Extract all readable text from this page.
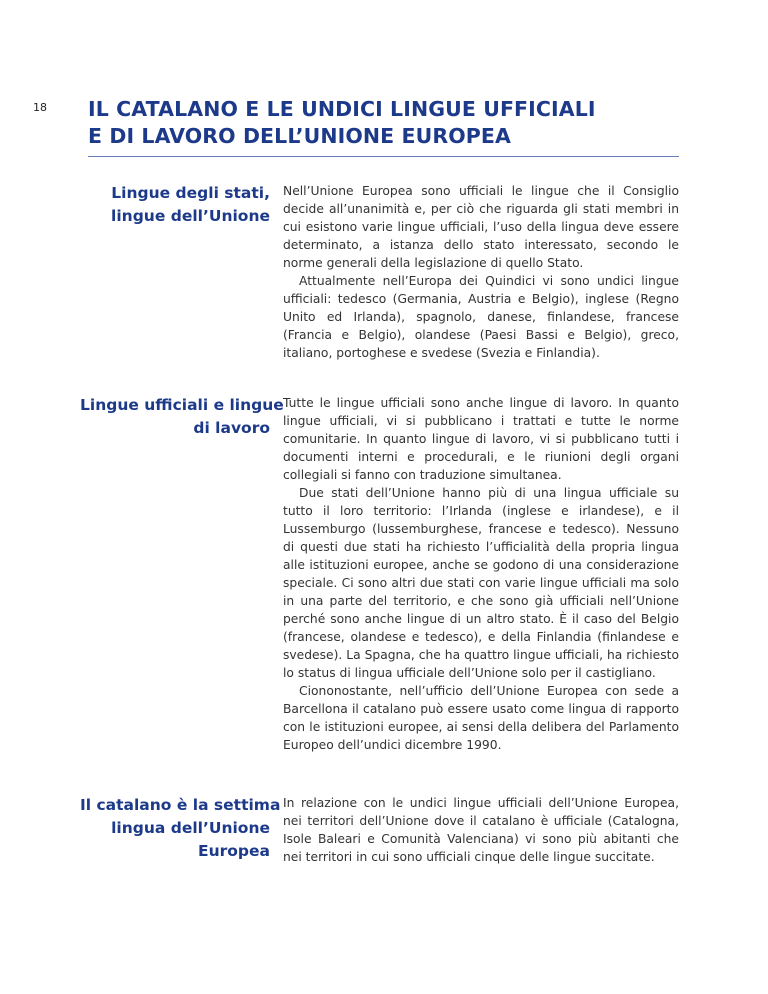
18 IL CATALANO E LE UNDICI LINGUE UFFICIALI
E DI LAVORO DELL’UNIONE EUROPEA
Lingue degli stati,
lingue dell’Unione

Nell’Unione Europea sono ufficiali le lingue che il Consiglio decide all’unanimità e, per ciò che riguarda gli stati membri in cui esistono varie lingue ufficiali, l’uso della lingua deve essere determinato, a istanza dello stato interessato, secondo le norme generali della legislazione di quello Stato.

Attualmente nell’Europa dei Quindici vi sono undici lingue ufficiali: tedesco (Germania, Austria e Belgio), inglese (Regno Unito ed Irlanda), spagnolo, danese, finlandese, francese (Francia e Belgio), olandese (Paesi Bassi e Belgio), greco, italiano, portoghese e svedese (Svezia e Finlandia).

Lingue ufficiali e lingue
di lavoro

Tutte le lingue ufficiali sono anche lingue di lavoro. In quanto lingue ufficiali, vi si pubblicano i trattati e tutte le norme comunitarie. In quanto lingue di lavoro, vi si pubblicano tutti i documenti interni e procedurali, e le riunioni degli organi collegiali si fanno con traduzione simultanea.

Due stati dell’Unione hanno più di una lingua ufficiale su tutto il loro territorio: l’Irlanda (inglese e irlandese), e il Lussemburgo (lussemburghese, francese e tedesco). Nessuno di questi due stati ha richiesto l’ufficialità della propria lingua alle istituzioni europee, anche se godono di una considerazione speciale. Ci sono altri due stati con varie lingue ufficiali ma solo in una parte del territorio, e che sono già ufficiali nell’Unione perché sono anche lingue di un altro stato. È il caso del Belgio (francese, olandese e tedesco), e della Finlandia (finlandese e svedese). La Spagna, che ha quattro lingue ufficiali, ha richiesto lo status di lingua ufficiale dell’Unione solo per il castigliano.

Ciononostante, nell’ufficio dell’Unione Europea con sede a Barcellona il catalano può essere usato come lingua di rapporto con le istituzioni europee, ai sensi della delibera del Parlamento Europeo dell’undici dicembre 1990.

Il catalano è la settima
lingua dell’Unione
Europea

In relazione con le undici lingue ufficiali dell’Unione Europea, nei territori dell’Unione dove il catalano è ufficiale (Catalogna, Isole Baleari e Comunità Valenciana) vi sono più abitanti che nei territori in cui sono ufficiali cinque delle lingue succitate.
